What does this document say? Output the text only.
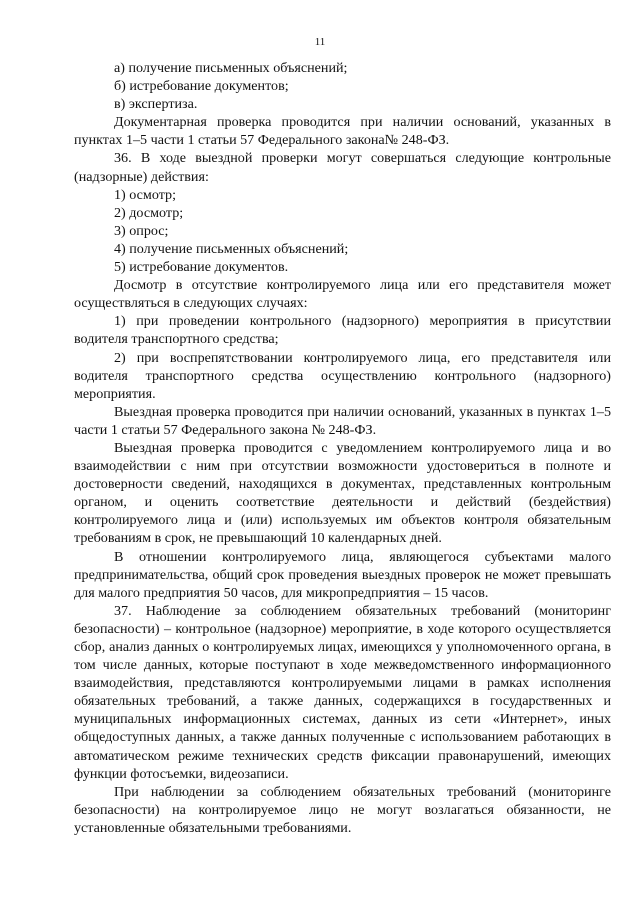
11

а) получение письменных объяснений;

б) истребование документов;

в) экспертиза.

Документарная проверка проводится при наличии оснований, указанных в пунктах 1–5 части 1 статьи 57 Федерального закона№ 248-ФЗ.

36. В ходе выездной проверки могут совершаться следующие контрольные (надзорные) действия:

1) осмотр;

2) досмотр;

3) опрос;

4) получение письменных объяснений;

5) истребование документов.

Досмотр в отсутствие контролируемого лица или его представителя может осуществляться в следующих случаях:

1) при проведении контрольного (надзорного) мероприятия в присутствии водителя транспортного средства;

2) при воспрепятствовании контролируемого лица, его представителя или водителя транспортного средства осуществлению контрольного (надзорного) мероприятия.

Выездная проверка проводится при наличии оснований, указанных в пунктах 1–5 части 1 статьи 57 Федерального закона № 248-ФЗ.

Выездная проверка проводится с уведомлением контролируемого лица и во взаимодействии с ним при отсутствии возможности удостовериться в полноте и достоверности сведений, находящихся в документах, представленных контрольным органом, и оценить соответствие деятельности и действий (бездействия) контролируемого лица и (или) используемых им объектов контроля обязательным требованиям в срок, не превышающий 10 календарных дней.

В отношении контролируемого лица, являющегося субъектами малого предпринимательства, общий срок проведения выездных проверок не может превышать для малого предприятия 50 часов, для микропредприятия – 15 часов.

37. Наблюдение за соблюдением обязательных требований (мониторинг безопасности) – контрольное (надзорное) мероприятие, в ходе которого осуществляется сбор, анализ данных о контролируемых лицах, имеющихся у уполномоченного органа, в том числе данных, которые поступают в ходе межведомственного информационного взаимодействия, представляются контролируемыми лицами в рамках исполнения обязательных требований, а также данных, содержащихся в государственных и муниципальных информационных системах, данных из сети «Интернет», иных общедоступных данных, а также данных полученные с использованием работающих в автоматическом режиме технических средств фиксации правонарушений, имеющих функции фотосъемки, видеозаписи.

При наблюдении за соблюдением обязательных требований (мониторинге безопасности) на контролируемое лицо не могут возлагаться обязанности, не установленные обязательными требованиями.
